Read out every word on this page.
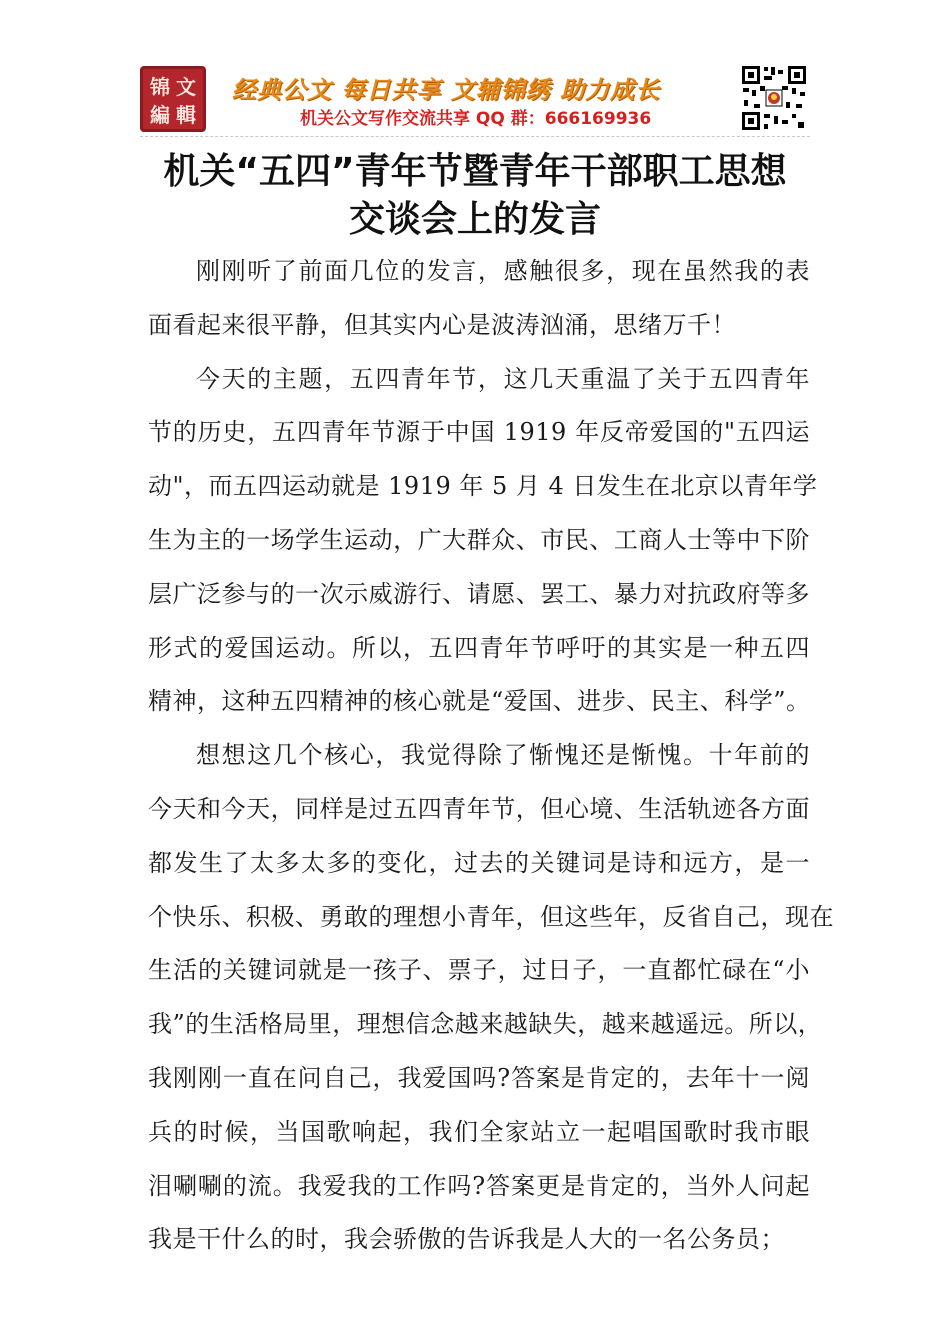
锦 文
編 輯
经典公文 每日共享 文辅锦绣 助力成长
机关公文写作交流共享 QQ 群：666169936
机关“五四”青年节暨青年干部职工思想
交谈会上的发言
刚刚听了前面几位的发言，感触很多，现在虽然我的表
面看起来很平静，但其实内心是波涛汹涌，思绪万千！
今天的主题，五四青年节，这几天重温了关于五四青年
节的历史，五四青年节源于中国 1919 年反帝爱国的"五四运
动"，而五四运动就是 1919 年 5 月 4 日发生在北京以青年学
生为主的一场学生运动，广大群众、市民、工商人士等中下阶
层广泛参与的一次示威游行、请愿、罢工、暴力对抗政府等多
形式的爱国运动。所以，五四青年节呼吁的其实是一种五四
精神，这种五四精神的核心就是“爱国、进步、民主、科学”。
想想这几个核心，我觉得除了惭愧还是惭愧。十年前的
今天和今天，同样是过五四青年节，但心境、生活轨迹各方面
都发生了太多太多的变化，过去的关键词是诗和远方，是一
个快乐、积极、勇敢的理想小青年，但这些年，反省自己，现在
生活的关键词就是一孩子、票子，过日子，一直都忙碌在“小
我”的生活格局里，理想信念越来越缺失，越来越遥远。所以，
我刚刚一直在问自己，我爱国吗?答案是肯定的，去年十一阅
兵的时候，当国歌响起，我们全家站立一起唱国歌时我市眼
泪唰唰的流。我爱我的工作吗?答案更是肯定的，当外人问起
我是干什么的时，我会骄傲的告诉我是人大的一名公务员；
